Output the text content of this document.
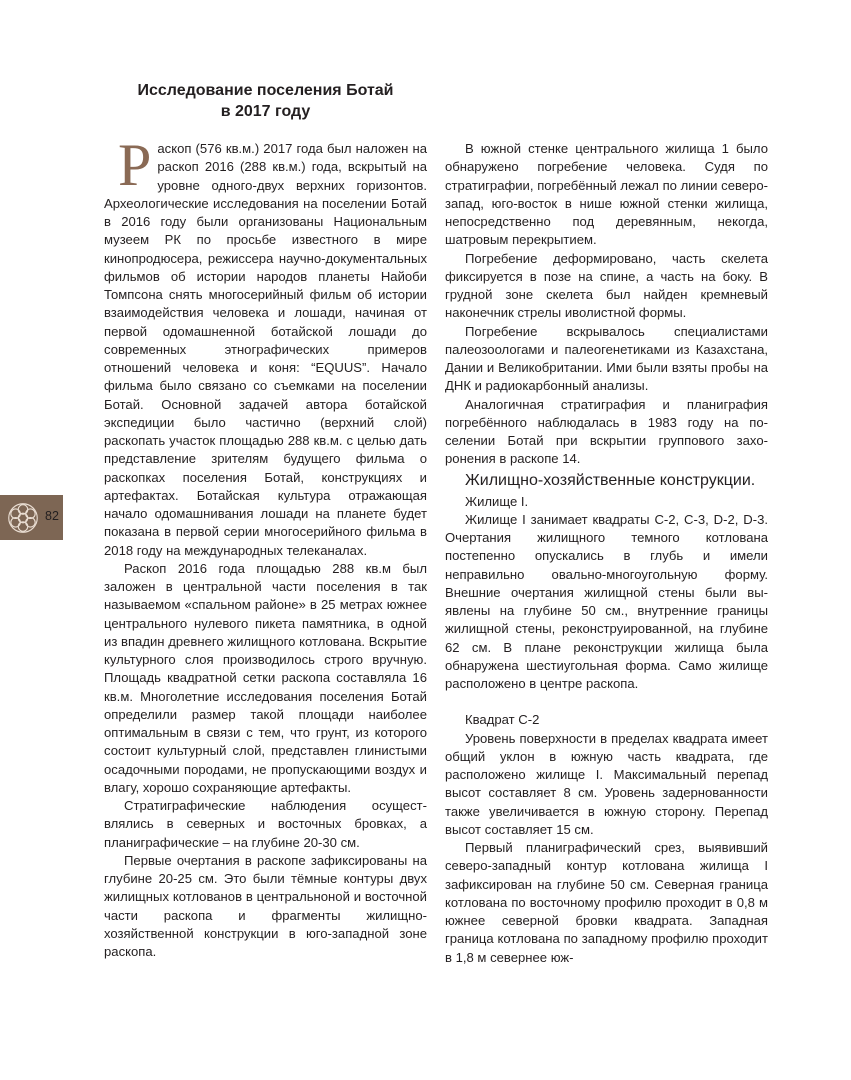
Исследование поселения Ботай
в 2017 году

Раскоп (576 кв.м.) 2017 года был наложен на раскоп 2016 (288 кв.м.) года, вскрытый на уровне одного-двух верхних горизонтов. Археологические исследования на поселении Ботай в 2016 году были организованы Национальным музеем РК по просьбе известного в мире кинопродюсера, режиссера научно-документальных фильмов об истории народов планеты Найоби Томпсона снять многосерийный фильм об истории взаимодействия человека и лошади, начиная от первой одомашненной ботайской лошади до современных этнографических примеров отношений человека и коня: “EQUUS”. Начало фильма было связано со съемками на поселении Ботай. Основной задачей автора ботайской экспедиции было частично (верхний слой) раскопать участок площадью 288 кв.м. с целью дать представление зрителям будущего фильма о раскопках поселения Ботай, конструкциях и артефактах. Ботайская культура отражающая начало одомашнивания лошади на планете будет показана в первой серии многосерийного фильма в 2018 году на международных телеканалах.

Раскоп 2016 года площадью 288 кв.м был заложен в центральной части поселения в так называемом «спальном районе» в 25 метрах южнее центрального нулевого пикета памятника, в одной из впадин древнего жилищного котлована. Вскрытие культурного слоя производилось строго вручную. Площадь квадратной сетки раскопа составляла 16 кв.м. Многолетние исследования поселения Ботай определили размер такой площади наиболее оптимальным в связи с тем, что грунт, из которого состоит культурный слой, представлен глинистыми осадочными породами, не пропускающими воздух и влагу, хорошо сохраняющие артефакты.

Стратиграфические наблюдения осуществлялись в северных и восточных бровках, а планиграфические – на глубине 20-30 см.

Первые очертания в раскопе зафиксированы на глубине 20-25 см. Это были тёмные контуры двух жилищных котлованов в центральноной и восточной части раскопа и фрагменты жилищно-хозяйственной конструкции в юго-западной зоне раскопа.

В южной стенке центрального жилища 1 было обнаружено погребение человека. Судя по стратиграфии, погребённый лежал по линии северо-запад, юго-восток в нише южной стенки жилища, непосредственно под деревянным, некогда, шатровым перекрытием.

Погребение деформировано, часть скелета фиксируется в позе на спине, а часть на боку. В грудной зоне скелета был найден кремневый наконечник стрелы иволистной формы.

Погребение вскрывалось специалистами палеозоологами и палеогенетиками из Казахстана, Дании и Великобритании. Ими были взяты пробы на ДНК и радиокарбонный анализы.

Аналогичная стратиграфия и планиграфия погребённого наблюдалась в 1983 году на поселении Ботай при вскрытии группового захоронения в раскопе 14.

Жилищно-хозяйственные конструкции.

Жилище I.

Жилище I занимает квадраты С-2, С-3, D-2, D-3. Очертания жилищного темного котлована постепенно опускались в глубь и имели неправильно овально-многоугольную форму. Внешние очертания жилищной стены были выявлены на глубине 50 см., внутренние границы жилищной стены, реконструированной, на глубине 62 см. В плане реконструкции жилища была обнаружена шестиугольная форма. Само жилище расположено в центре раскопа.

Квадрат С-2

Уровень поверхности в пределах квадрата имеет общий уклон в южную часть квадрата, где расположено жилище I. Максимальный перепад высот составляет 8 см. Уровень задернованности также увеличивается в южную сторону. Перепад высот составляет 15 см.

Первый планиграфический срез, выявивший северо-западный контур котлована жилища I зафиксирован на глубине 50 см. Северная граница котлована по восточному профилю проходит в 0,8 м южнее северной бровки квадрата. Западная граница котлована по западному профилю проходит в 1,8 м севернее юж-

82
